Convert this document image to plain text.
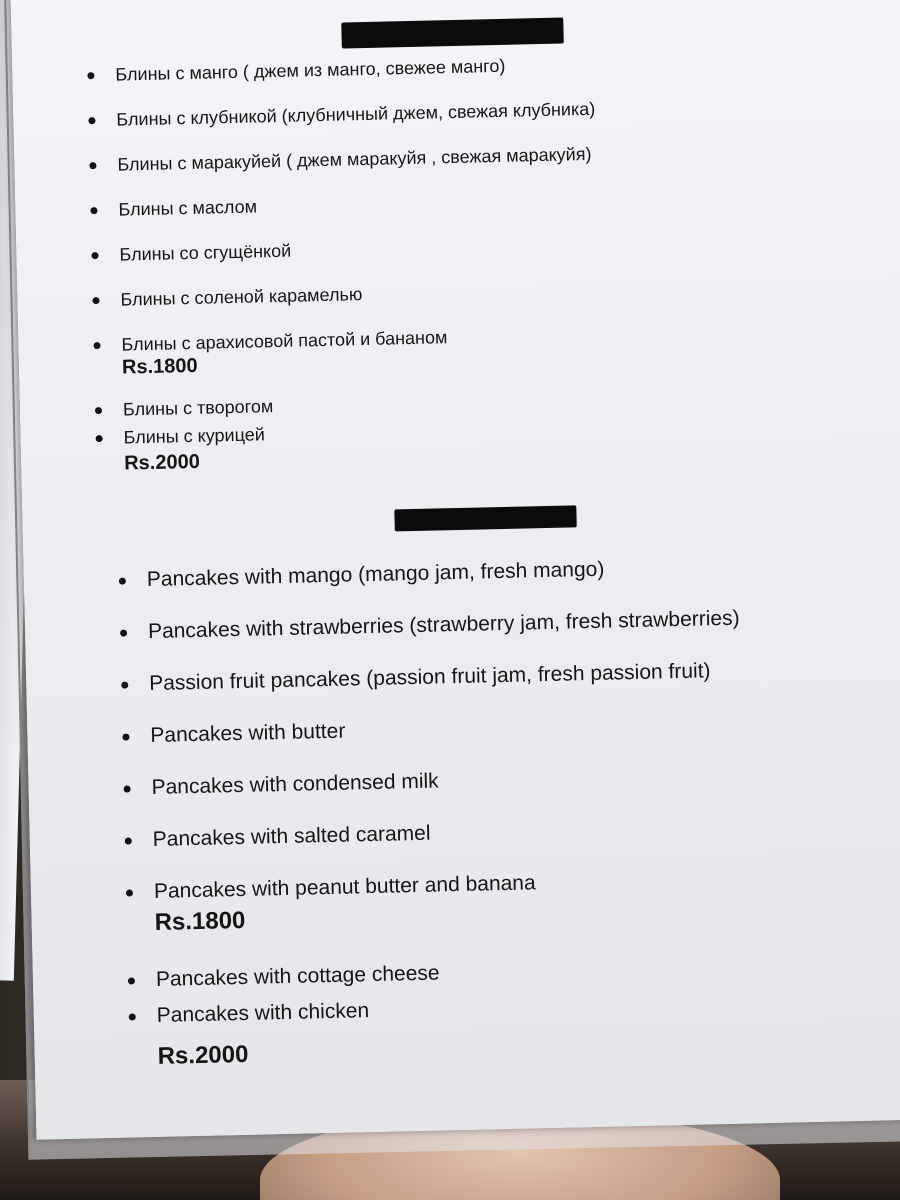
Блины с манго ( джем из манго, свежее манго)
Блины с клубникой (клубничный джем, свежая клубника)
Блины с маракуйей ( джем маракуйя , свежая маракуйя)
Блины с маслом
Блины со сгущёнкой
Блины с соленой карамелью
Блины с арахисовой пастой и бананом
Rs.1800
Блины с творогом
Блины с курицей
Rs.2000
Pancakes with mango (mango jam, fresh mango)
Pancakes with strawberries (strawberry jam, fresh strawberries)
Passion fruit pancakes (passion fruit jam, fresh passion fruit)
Pancakes with butter
Pancakes with condensed milk
Pancakes with salted caramel
Pancakes with peanut butter and banana
Rs.1800
Pancakes with cottage cheese
Pancakes with chicken
Rs.2000
